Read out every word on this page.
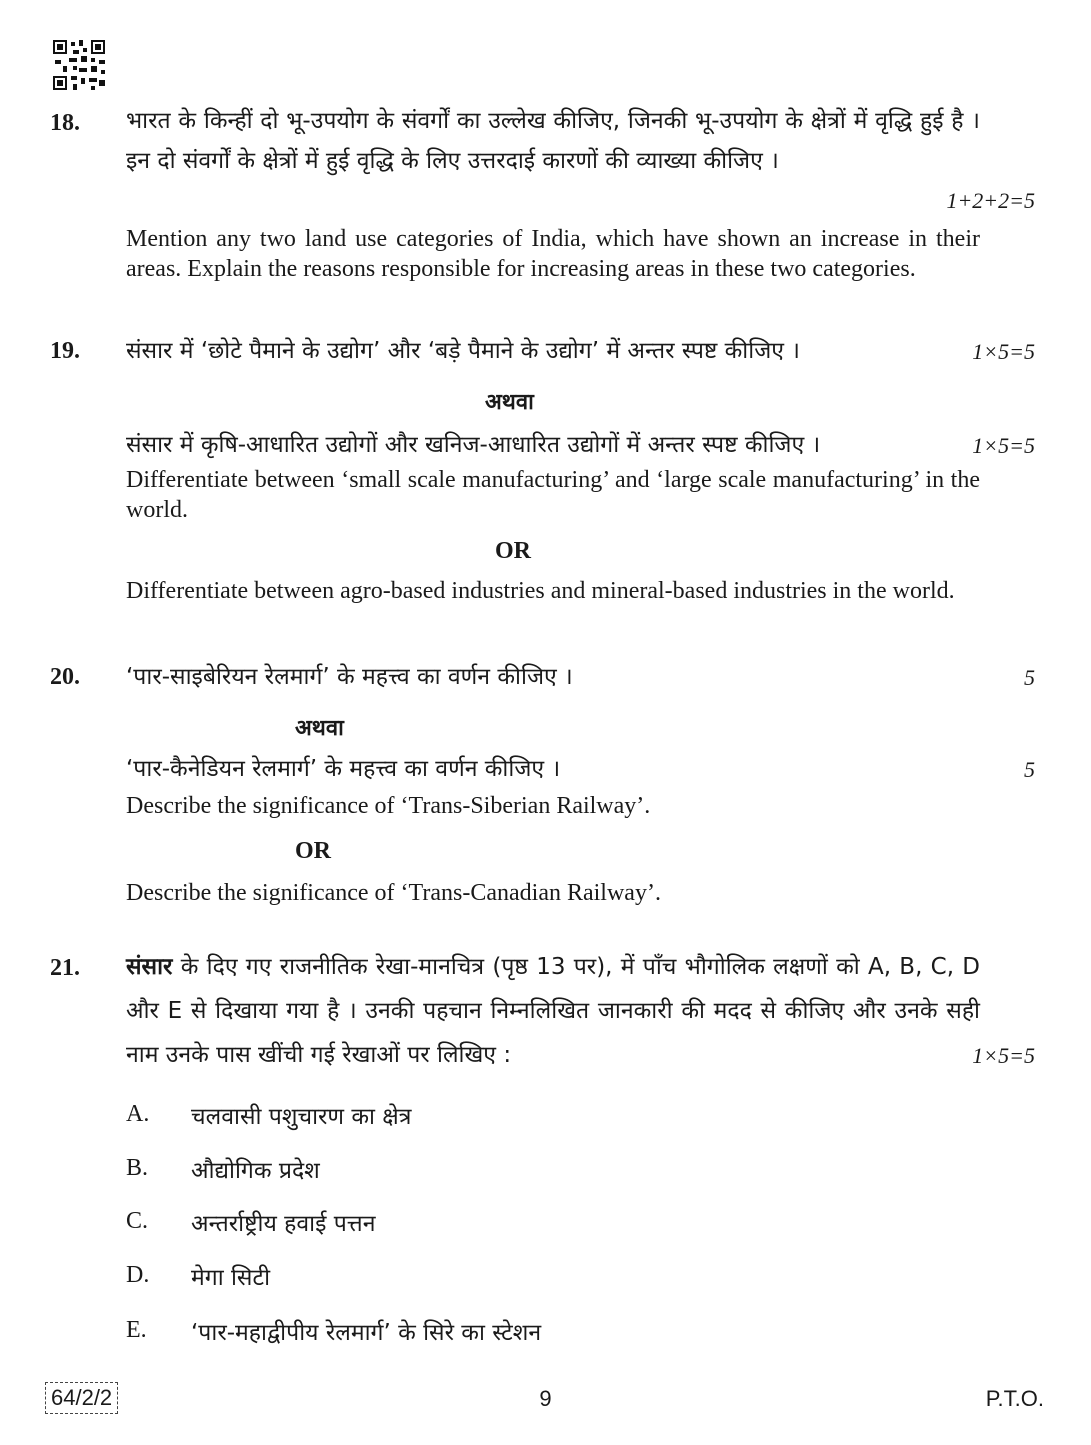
18. भारत के किन्हीं दो भू-उपयोग के संवर्गों का उल्लेख कीजिए, जिनकी भू-उपयोग के क्षेत्रों में वृद्धि हुई है । इन दो संवर्गों के क्षेत्रों में हुई वृद्धि के लिए उत्तरदाई कारणों की व्याख्या कीजिए ।
1+2+2=5
Mention any two land use categories of India, which have shown an increase in their areas. Explain the reasons responsible for increasing areas in these two categories.
19. संसार में ‘छोटे पैमाने के उद्योग’ और ‘बड़े पैमाने के उद्योग’ में अन्तर स्पष्ट कीजिए ।	1×5=5
अथवा
संसार में कृषि-आधारित उद्योगों और खनिज-आधारित उद्योगों में अन्तर स्पष्ट कीजिए ।	1×5=5
Differentiate between ‘small scale manufacturing’ and ‘large scale manufacturing’ in the world.
OR
Differentiate between agro-based industries and mineral-based industries in the world.
20. ‘पार-साइबेरियन रेलमार्ग’ के महत्त्व का वर्णन कीजिए ।	5
अथवा
‘पार-कैनेडियन रेलमार्ग’ के महत्त्व का वर्णन कीजिए ।	5
Describe the significance of ‘Trans-Siberian Railway’.
OR
Describe the significance of ‘Trans-Canadian Railway’.
21. संसार के दिए गए राजनीतिक रेखा-मानचित्र (पृष्ठ 13 पर), में पाँच भौगोलिक लक्षणों को A, B, C, D और E से दिखाया गया है । उनकी पहचान निम्नलिखित जानकारी की मदद से कीजिए और उनके सही नाम उनके पास खींची गई रेखाओं पर लिखिए :	1×5=5
A. चलवासी पशुचारण का क्षेत्र
B. औद्योगिक प्रदेश
C. अन्तर्राष्ट्रीय हवाई पत्तन
64/2/2	9	P.T.O.
D. मेगा सिटी
E. ‘पार-महाद्वीपीय रेलमार्ग’ के सिरे का स्टेशन
